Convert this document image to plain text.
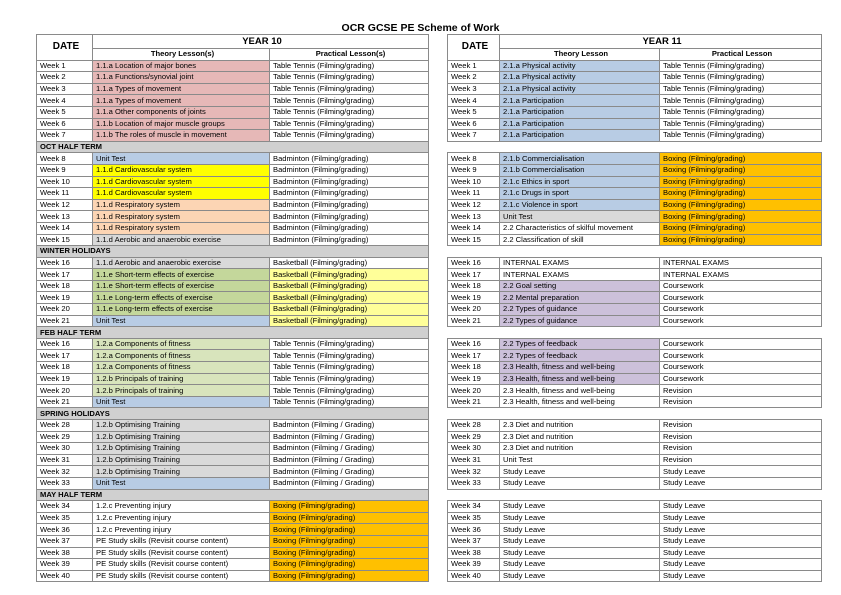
OCR GCSE PE Scheme of Work
DATE	YEAR 10	
	Theory Lesson(s)	Practical Lesson(s)
Week 1	1.1.a Location of major bones	Table Tennis (Filming/grading)
Week 2	1.1.a Functions/synovial joint	Table Tennis (Filming/grading)
Week 3	1.1.a Types of movement	Table Tennis (Filming/grading)
Week 4	1.1.a Types of movement	Table Tennis (Filming/grading)
Week 5	1.1.a Other components of joints	Table Tennis (Filming/grading)
Week 6	1.1.b Location of major muscle groups	Table Tennis (Filming/grading)
Week 7	1.1.b The roles of muscle in movement	Table Tennis (Filming/grading)
OCT HALF TERM		
Week 8	Unit Test	Badminton (Filming/grading)
Week 9	1.1.d Cardiovascular system	Badminton (Filming/grading)
Week 10	1.1.d Cardiovascular system	Badminton (Filming/grading)
Week 11	1.1.d Cardiovascular system	Badminton (Filming/grading)
Week 12	1.1.d Respiratory system	Badminton (Filming/grading)
Week 13	1.1.d Respiratory system	Badminton (Filming/grading)
Week 14	1.1.d Respiratory system	Badminton (Filming/grading)
Week 15	1.1.d Aerobic and anaerobic exercise	Badminton (Filming/grading)
WINTER HOLIDAYS		
Week 16	1.1.d Aerobic and anaerobic exercise	Basketball (Filming/grading)
Week 17	1.1.e Short-term effects of exercise	Basketball (Filming/grading)
Week 18	1.1.e Short-term effects of exercise	Basketball (Filming/grading)
Week 19	1.1.e Long-term effects of exercise	Basketball (Filming/grading)
Week 20	1.1.e Long-term effects of exercise	Basketball (Filming/grading)
Week 21	Unit Test	Basketball (Filming/grading)
FEB HALF TERM		
Week 16	1.2.a Components of fitness	Table Tennis (Filming/grading)
Week 17	1.2.a Components of fitness	Table Tennis (Filming/grading)
Week 18	1.2.a Components of fitness	Table Tennis (Filming/grading)
Week 19	1.2.b Principals of training	Table Tennis (Filming/grading)
Week 20	1.2.b Principals of training	Table Tennis (Filming/grading)
Week 21	Unit Test	Table Tennis (Filming/grading)
SPRING HOLIDAYS		
Week 28	1.2.b Optimising Training	Badminton (Filming / Grading)
Week 29	1.2.b Optimising Training	Badminton (Filming / Grading)
Week 30	1.2.b Optimising Training	Badminton (Filming / Grading)
Week 31	1.2.b Optimising Training	Badminton (Filming / Grading)
Week 32	1.2.b Optimising Training	Badminton (Filming / Grading)
Week 33	Unit Test	Badminton (Filming / Grading)
MAY HALF TERM		
Week 34	1.2.c Preventing injury	Boxing (Filming/grading)
Week 35	1.2.c Preventing injury	Boxing (Filming/grading)
Week 36	1.2.c Preventing injury	Boxing (Filming/grading)
Week 37	PE Study skills (Revisit course content)	Boxing (Filming/grading)
Week 38	PE Study skills (Revisit course content)	Boxing (Filming/grading)
Week 39	PE Study skills (Revisit course content)	Boxing (Filming/grading)
Week 40	PE Study skills (Revisit course content)	Boxing (Filming/grading)
DATE	YEAR 11	
	Theory Lesson	Practical Lesson
Week 1	2.1.a Physical activity	Table Tennis (Filming/grading)
Week 2	2.1.a Physical activity	Table Tennis (Filming/grading)
Week 3	2.1.a Physical activity	Table Tennis (Filming/grading)
Week 4	2.1.a Participation	Table Tennis (Filming/grading)
Week 5	2.1.a Participation	Table Tennis (Filming/grading)
Week 6	2.1.a Participation	Table Tennis (Filming/grading)
Week 7	2.1.a Participation	Table Tennis (Filming/grading)

Week 8	2.1.b Commercialisation	Boxing (Filming/grading)
Week 9	2.1.b Commercialisation	Boxing (Filming/grading)
Week 10	2.1.c Ethics in sport	Boxing (Filming/grading)
Week 11	2.1.c Drugs in sport	Boxing (Filming/grading)
Week 12	2.1.c Violence in sport	Boxing (Filming/grading)
Week 13	Unit Test	Boxing (Filming/grading)
Week 14	2.2 Characteristics of skilful movement	Boxing (Filming/grading)
Week 15	2.2 Classification of skill	Boxing (Filming/grading)

Week 16	INTERNAL EXAMS	INTERNAL EXAMS
Week 17	INTERNAL EXAMS	INTERNAL EXAMS
Week 18	2.2 Goal setting	Coursework
Week 19	2.2 Mental preparation	Coursework
Week 20	2.2 Types of guidance	Coursework
Week 21	2.2 Types of guidance	Coursework

Week 16	2.2 Types of feedback	Coursework
Week 17	2.2 Types of feedback	Coursework
Week 18	2.3 Health, fitness and well-being	Coursework
Week 19	2.3 Health, fitness and well-being	Coursework
Week 20	2.3 Health, fitness and well-being	Revision
Week 21	2.3 Health, fitness and well-being	Revision

Week 28	2.3 Diet and nutrition	Revision
Week 29	2.3 Diet and nutrition	Revision
Week 30	2.3 Diet and nutrition	Revision
Week 31	Unit Test	Revision
Week 32	Study Leave	Study Leave
Week 33	Study Leave	Study Leave

Week 34	Study Leave	Study Leave
Week 35	Study Leave	Study Leave
Week 36	Study Leave	Study Leave
Week 37	Study Leave	Study Leave
Week 38	Study Leave	Study Leave
Week 39	Study Leave	Study Leave
Week 40	Study Leave	Study Leave
